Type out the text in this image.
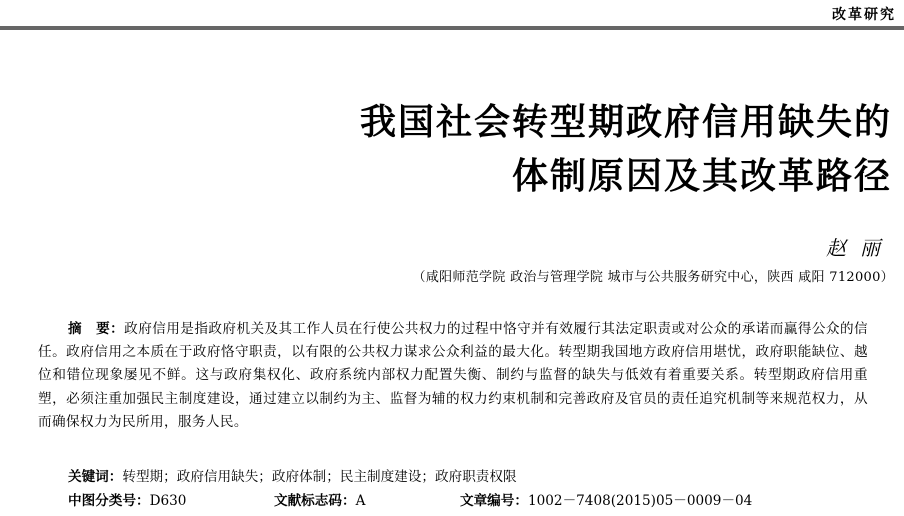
改革研究
我国社会转型期政府信用缺失的
体制原因及其改革路径
赵丽
（咸阳师范学院 政治与管理学院 城市与公共服务研究中心，陕西 咸阳 712000）
摘　要：政府信用是指政府机关及其工作人员在行使公共权力的过程中恪守并有效履行其法定职责或对公众的承诺而赢得公众的信任。政府信用之本质在于政府恪守职责，以有限的公共权力谋求公众利益的最大化。转型期我国地方政府信用堪忧，政府职能缺位、越位和错位现象屡见不鲜。这与政府集权化、政府系统内部权力配置失衡、制约与监督的缺失与低效有着重要关系。转型期政府信用重塑，必须注重加强民主制度建设，通过建立以制约为主、监督为辅的权力约束机制和完善政府及官员的责任追究机制等来规范权力，从而确保权力为民所用，服务人民。
关键词：转型期；政府信用缺失；政府体制；民主制度建设；政府职责权限
中图分类号：D630	文献标志码：A	文章编号：1002－7408(2015)05－0009－04
